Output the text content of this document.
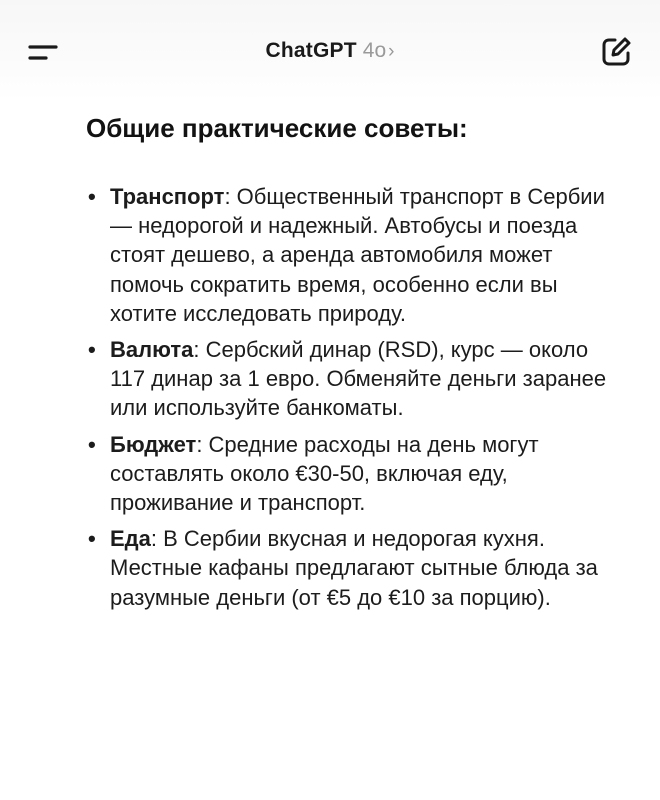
ChatGPT 4o ›
Общие практические советы:
• Транспорт: Общественный транспорт в Сербии — недорогой и надежный. Автобусы и поезда стоят дешево, а аренда автомобиля может помочь сократить время, особенно если вы хотите исследовать природу.
• Валюта: Сербский динар (RSD), курс — около 117 динар за 1 евро. Обменяйте деньги заранее или используйте банкоматы.
• Бюджет: Средние расходы на день могут составлять около €30-50, включая еду, проживание и транспорт.
• Еда: В Сербии вкусная и недорогая кухня. Местные кафаны предлагают сытные блюда за разумные деньги (от €5 до €10 за порцию).
